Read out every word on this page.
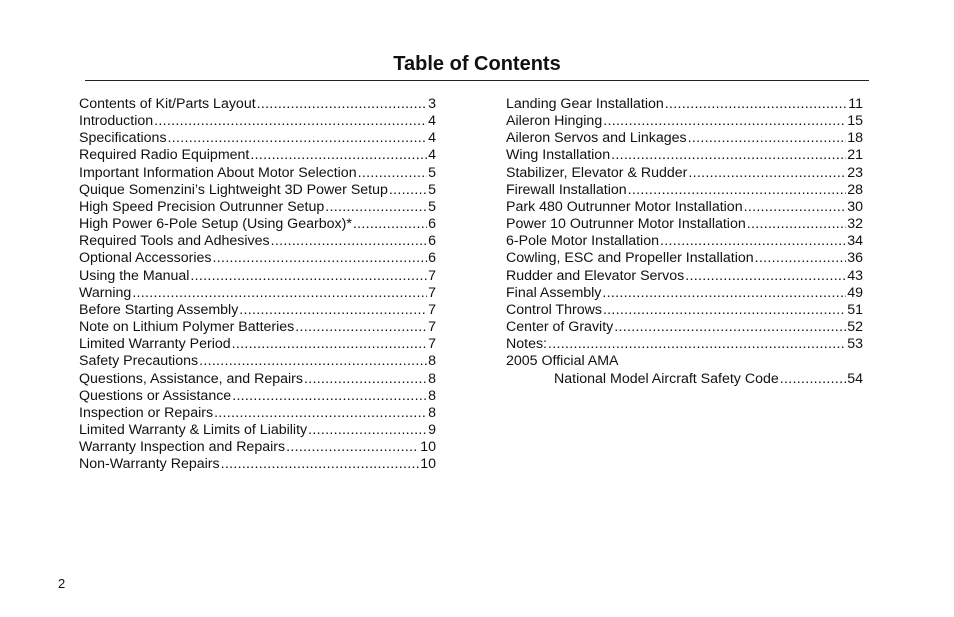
Table of Contents
Contents of Kit/Parts Layout .....	3
Introduction .....	4
Specifications .....	4
Required Radio Equipment .....	4
Important Information About Motor Selection .....	5
Quique Somenzini’s Lightweight 3D Power Setup .....	5
High Speed Precision Outrunner Setup .....	5
High Power 6-Pole Setup (Using Gearbox)* .....	6
Required Tools and Adhesives .....	6
Optional Accessories .....	6
Using the Manual .....	7
Warning .....	7
Before Starting Assembly .....	7
Note on Lithium Polymer Batteries .....	7
Limited Warranty Period .....	7
Safety Precautions .....	8
Questions, Assistance, and Repairs .....	8
Questions or Assistance .....	8
Inspection or Repairs .....	8
Limited Warranty & Limits of Liability .....	9
Warranty Inspection and Repairs .....	10
Non-Warranty Repairs .....	10
Landing Gear Installation .....	11
Aileron Hinging .....	15
Aileron Servos and Linkages .....	18
Wing Installation .....	21
Stabilizer, Elevator & Rudder .....	23
Firewall Installation .....	28
Park 480 Outrunner Motor Installation .....	30
Power 10 Outrunner Motor Installation .....	32
6-Pole Motor Installation .....	34
Cowling, ESC and Propeller Installation .....	36
Rudder and Elevator Servos .....	43
Final Assembly .....	49
Control Throws .....	51
Center of Gravity .....	52
Notes: .....	53
2005 Official AMA
National Model Aircraft Safety Code .....	54
2
